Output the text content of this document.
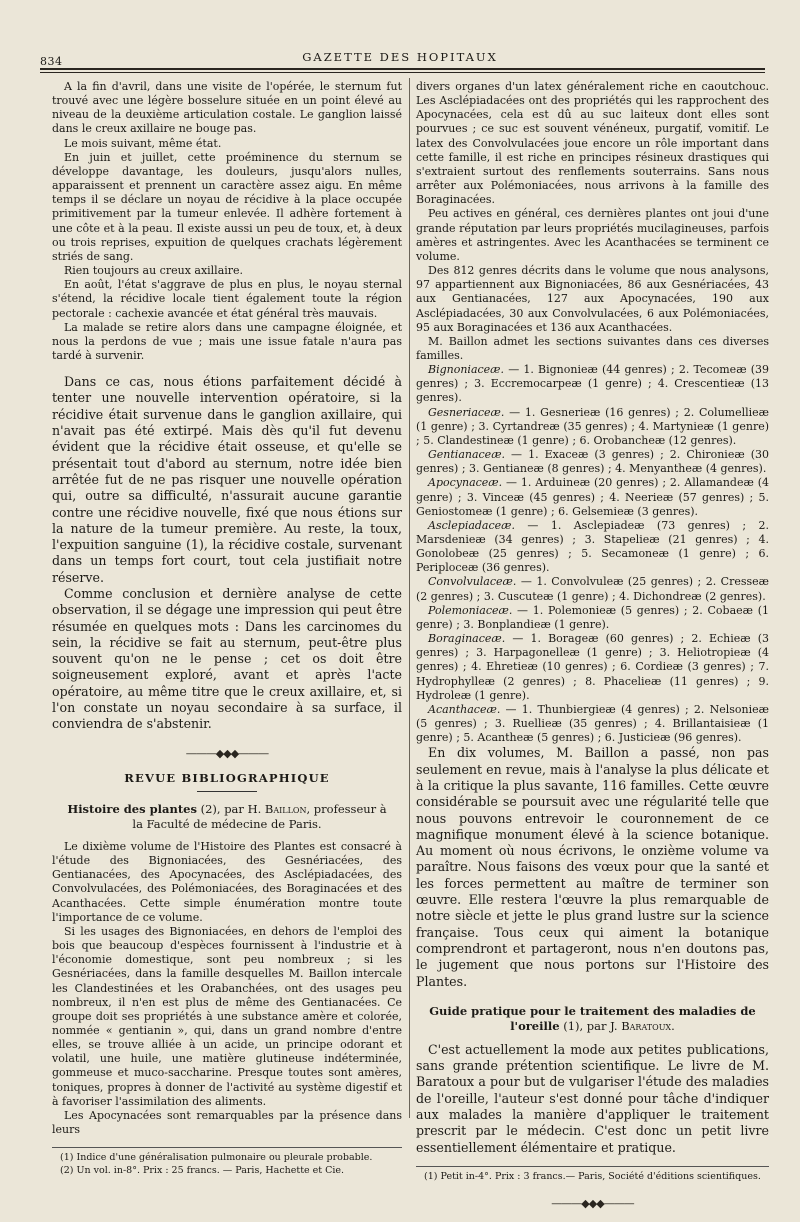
834	GAZETTE DES HOPITAUX

A la fin d'avril, dans une visite de l'opérée, le sternum fut trouvé avec une légère bosselure située en un point élevé au niveau de la deuxième articulation costale. Le ganglion laissé dans le creux axillaire ne bouge pas.

Le mois suivant, même état.

En juin et juillet, cette proéminence du sternum se développe davantage, les douleurs, jusqu'alors nulles, apparaissent et prennent un caractère assez aigu. En même temps il se déclare un noyau de récidive à la place occupée primitivement par la tumeur enlevée. Il adhère fortement à une côte et à la peau. Il existe aussi un peu de toux, et, à deux ou trois reprises, expuition de quelques crachats légèrement striés de sang.

Rien toujours au creux axillaire.

En août, l'état s'aggrave de plus en plus, le noyau sternal s'étend, la récidive locale tient également toute la région pectorale : cachexie avancée et état général très mauvais.

La malade se retire alors dans une campagne éloignée, et nous la perdons de vue ; mais une issue fatale n'aura pas tardé à survenir.

Dans ce cas, nous étions parfaitement décidé à tenter une nouvelle intervention opératoire, si la récidive était survenue dans le ganglion axillaire, qui n'avait pas été extirpé. Mais dès qu'il fut devenu évident que la récidive était osseuse, et qu'elle se présentait tout d'abord au sternum, notre idée bien arrêtée fut de ne pas risquer une nouvelle opération qui, outre sa difficulté, n'assurait aucune garantie contre une récidive nouvelle, fixé que nous étions sur la nature de la tumeur première. Au reste, la toux, l'expuition sanguine (1), la récidive costale, survenant dans un temps fort court, tout cela justifiait notre réserve.

Comme conclusion et dernière analyse de cette observation, il se dégage une impression qui peut être résumée en quelques mots : Dans les carcinomes du sein, la récidive se fait au sternum, peut-être plus souvent qu'on ne le pense ; cet os doit être soigneusement exploré, avant et après l'acte opératoire, au même titre que le creux axillaire, et, si l'on constate un noyau secondaire à sa surface, il conviendra de s'abstenir.

———◆◆◆———
REVUE BIBLIOGRAPHIQUE
Histoire des plantes (2), par H. Baillon, professeur à la Faculté de médecine de Paris.

Le dixième volume de l'Histoire des Plantes est consacré à l'étude des Bignoniacées, des Gesnériacées, des Gentianacées, des Apocynacées, des Asclépiadacées, des Convolvulacées, des Polémoniacées, des Boraginacées et des Acanthacées. Cette simple énumération montre toute l'importance de ce volume.

Si les usages des Bignoniacées, en dehors de l'emploi des bois que beaucoup d'espèces fournissent à l'industrie et à l'économie domestique, sont peu nombreux ; si les Gesnériacées, dans la famille desquelles M. Baillon intercale les Clandestinées et les Orabanchées, ont des usages peu nombreux, il n'en est plus de même des Gentianacées. Ce groupe doit ses propriétés à une substance amère et colorée, nommée « gentianin », qui, dans un grand nombre d'entre elles, se trouve alliée à un acide, un principe odorant et volatil, une huile, une matière glutineuse indéterminée, gommeuse et muco-saccharine. Presque toutes sont amères, toniques, propres à donner de l'activité au système digestif et à favoriser l'assimilation des aliments.

Les Apocynacées sont remarquables par la présence dans leurs

(1) Indice d'une généralisation pulmonaire ou pleurale probable.

(2) Un vol. in-8°. Prix : 25 francs. — Paris, Hachette et Cie.

divers organes d'un latex généralement riche en caoutchouc. Les Asclépiadacées ont des propriétés qui les rapprochent des Apocynacées, cela est dû au suc laiteux dont elles sont pourvues ; ce suc est souvent vénéneux, purgatif, vomitif. Le latex des Convolvulacées joue encore un rôle important dans cette famille, il est riche en principes résineux drastiques qui s'extraient surtout des renflements souterrains. Sans nous arrêter aux Polémoniacées, nous arrivons à la famille des Boraginacées.

Peu actives en général, ces dernières plantes ont joui d'une grande réputation par leurs propriétés mucilagineuses, parfois amères et astringentes. Avec les Acanthacées se terminent ce volume.

Des 812 genres décrits dans le volume que nous analysons, 97 appartiennent aux Bignoniacées, 86 aux Gesnériacées, 43 aux Gentianacées, 127 aux Apocynacées, 190 aux Asclépiadacées, 30 aux Convolvulacées, 6 aux Polémoniacées, 95 aux Boraginacées et 136 aux Acanthacées.

M. Baillon admet les sections suivantes dans ces diverses familles.

Bignoniaceæ. — 1. Bignonieæ (44 genres) ; 2. Tecomeæ (39 genres) ; 3. Eccremocarpeæ (1 genre) ; 4. Crescentieæ (13 genres).

Gesneriaceæ. — 1. Gesnerieæ (16 genres) ; 2. Columellieæ (1 genre) ; 3. Cyrtandreæ (35 genres) ; 4. Martynieæ (1 genre) ; 5. Clandestineæ (1 genre) ; 6. Orobancheæ (12 genres).

Gentianaceæ. — 1. Exaceæ (3 genres) ; 2. Chironieæ (30 genres) ; 3. Gentianeæ (8 genres) ; 4. Menyantheæ (4 genres).

Apocynaceæ. — 1. Arduineæ (20 genres) ; 2. Allamandeæ (4 genre) ; 3. Vinceæ (45 genres) ; 4. Neerieæ (57 genres) ; 5. Geniostomeæ (1 genre) ; 6. Gelsemieæ (3 genres).

Asclepiadaceæ. — 1. Asclepiadeæ (73 genres) ; 2. Marsdenieæ (34 genres) ; 3. Stapelieæ (21 genres) ; 4. Gonolobeæ (25 genres) ; 5. Secamoneæ (1 genre) ; 6. Periploceæ (36 genres).

Convolvulaceæ. — 1. Convolvuleæ (25 genres) ; 2. Cresseæ (2 genres) ; 3. Cuscuteæ (1 genre) ; 4. Dichondreæ (2 genres).

Polemoniaceæ. — 1. Polemonieæ (5 genres) ; 2. Cobaeæ (1 genre) ; 3. Bonplandieæ (1 genre).

Boraginaceæ. — 1. Borageæ (60 genres) ; 2. Echieæ (3 genres) ; 3. Harpagonelleæ (1 genre) ; 3. Heliotropieæ (4 genres) ; 4. Ehretieæ (10 genres) ; 6. Cordieæ (3 genres) ; 7. Hydrophylleæ (2 genres) ; 8. Phacelieæ (11 genres) ; 9. Hydroleæ (1 genre).

Acanthaceæ. — 1. Thunbiergieæ (4 genres) ; 2. Nelsonieæ (5 genres) ; 3. Ruellieæ (35 genres) ; 4. Brillantaisieæ (1 genre) ; 5. Acantheæ (5 genres) ; 6. Justicieæ (96 genres).

En dix volumes, M. Baillon a passé, non pas seulement en revue, mais à l'analyse la plus délicate et à la critique la plus savante, 116 familles. Cette œuvre considérable se poursuit avec une régularité telle que nous pouvons entrevoir le couronnement de ce magnifique monument élevé à la science botanique. Au moment où nous écrivons, le onzième volume va paraître. Nous faisons des vœux pour que la santé et les forces permettent au maître de terminer son œuvre. Elle restera l'œuvre la plus remarquable de notre siècle et jette le plus grand lustre sur la science française. Tous ceux qui aiment la botanique comprendront et partageront, nous n'en doutons pas, le jugement que nous portons sur l'Histoire des Plantes.

Guide pratique pour le traitement des maladies de l'oreille (1), par J. Baratoux.

C'est actuellement la mode aux petites publications, sans grande prétention scientifique. Le livre de M. Baratoux a pour but de vulgariser l'étude des maladies de l'oreille, l'auteur s'est donné pour tâche d'indiquer aux malades la manière d'appliquer le traitement prescrit par le médecin. C'est donc un petit livre essentiellement élémentaire et pratique.

(1) Petit in-4°. Prix : 3 francs.— Paris, Société d'éditions scientifiques.

———◆◆◆———
